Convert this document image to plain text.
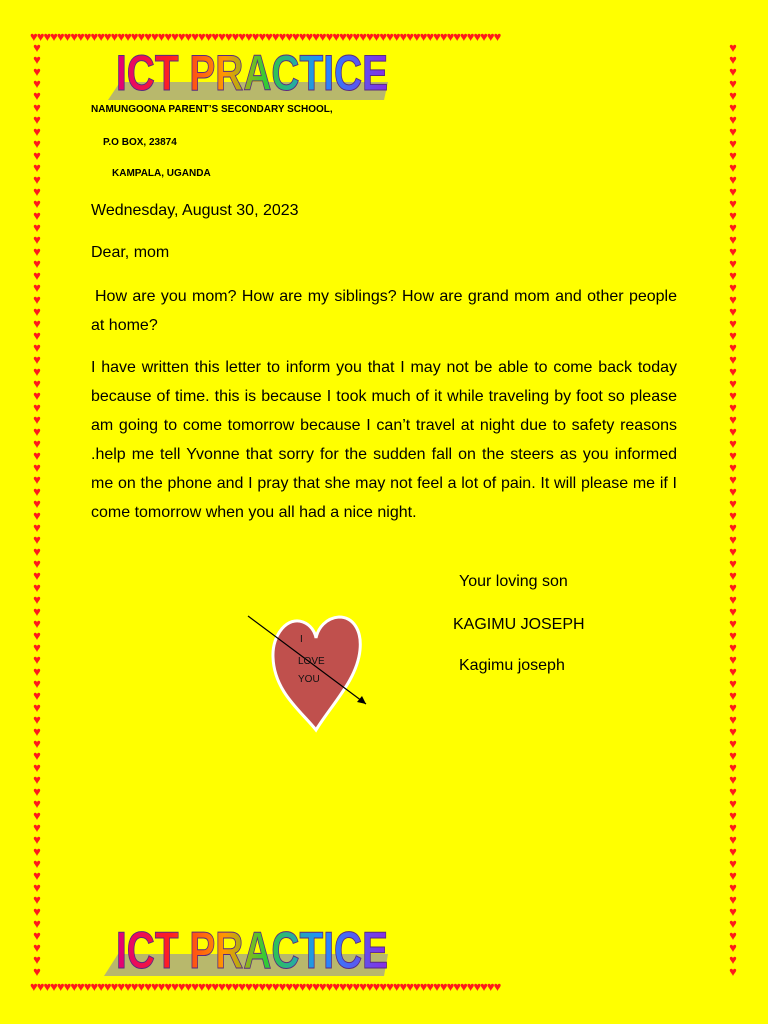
♥♥♥♥♥♥♥♥♥♥♥♥♥♥♥♥♥♥♥♥♥♥♥♥♥♥♥♥♥♥♥♥♥♥♥♥♥♥♥♥♥♥♥♥♥♥♥♥♥♥♥♥♥♥♥♥♥♥♥♥♥♥♥♥♥♥♥♥♥♥
♥♥♥♥♥♥♥♥♥♥♥♥♥♥♥♥♥♥♥♥♥♥♥♥♥♥♥♥♥♥♥♥♥♥♥♥♥♥♥♥♥♥♥♥♥♥♥♥♥♥♥♥♥♥♥♥♥♥♥♥♥♥♥♥♥♥♥♥♥♥
♥
♥
♥
♥
♥
♥
♥
♥
♥
♥
♥
♥
♥
♥
♥
♥
♥
♥
♥
♥
♥
♥
♥
♥
♥
♥
♥
♥
♥
♥
♥
♥
♥
♥
♥
♥
♥
♥
♥
♥
♥
♥
♥
♥
♥
♥
♥
♥
♥
♥
♥
♥
♥
♥
♥
♥
♥
♥
♥
♥
♥
♥
♥
♥
♥
♥
♥
♥
♥
♥
♥
♥
♥
♥
♥
♥
♥
♥
♥
♥
♥
♥
♥
♥
♥
♥
♥
♥
♥
♥
♥
♥
♥
♥
♥
♥
♥
♥
♥
♥
♥
♥
♥
♥
♥
♥
♥
♥
♥
♥
♥
♥
♥
♥
♥
♥
♥
♥
♥
♥
♥
♥
♥
♥
♥
♥
♥
♥
♥
♥
♥
♥
♥
♥
♥
♥
♥
♥
♥
♥
♥
♥
♥
♥
♥
♥
♥
♥
♥
♥
♥
♥
♥
♥
♥
♥
ICT PRACTICE
NAMUNGOONA PARENT’S SECONDARY SCHOOL,
P.O BOX, 23874
KAMPALA, UGANDA
Wednesday, August 30, 2023
Dear, mom
How are you mom? How are my siblings? How are grand mom and other people at home?
I have written this letter to inform you that I may not be able to come back today because of time. this is because I took much of it while traveling by foot so please am going to come tomorrow because I can’t travel at night due to safety reasons .help me tell Yvonne that sorry for the sudden fall on the steers as you informed me on the phone and I pray that she may not feel a lot of pain. It will please me if I come tomorrow when you all had a nice night.
Your loving son
KAGIMU JOSEPH
Kagimu joseph
I
LOVE
YOU
ICT PRACTICE
